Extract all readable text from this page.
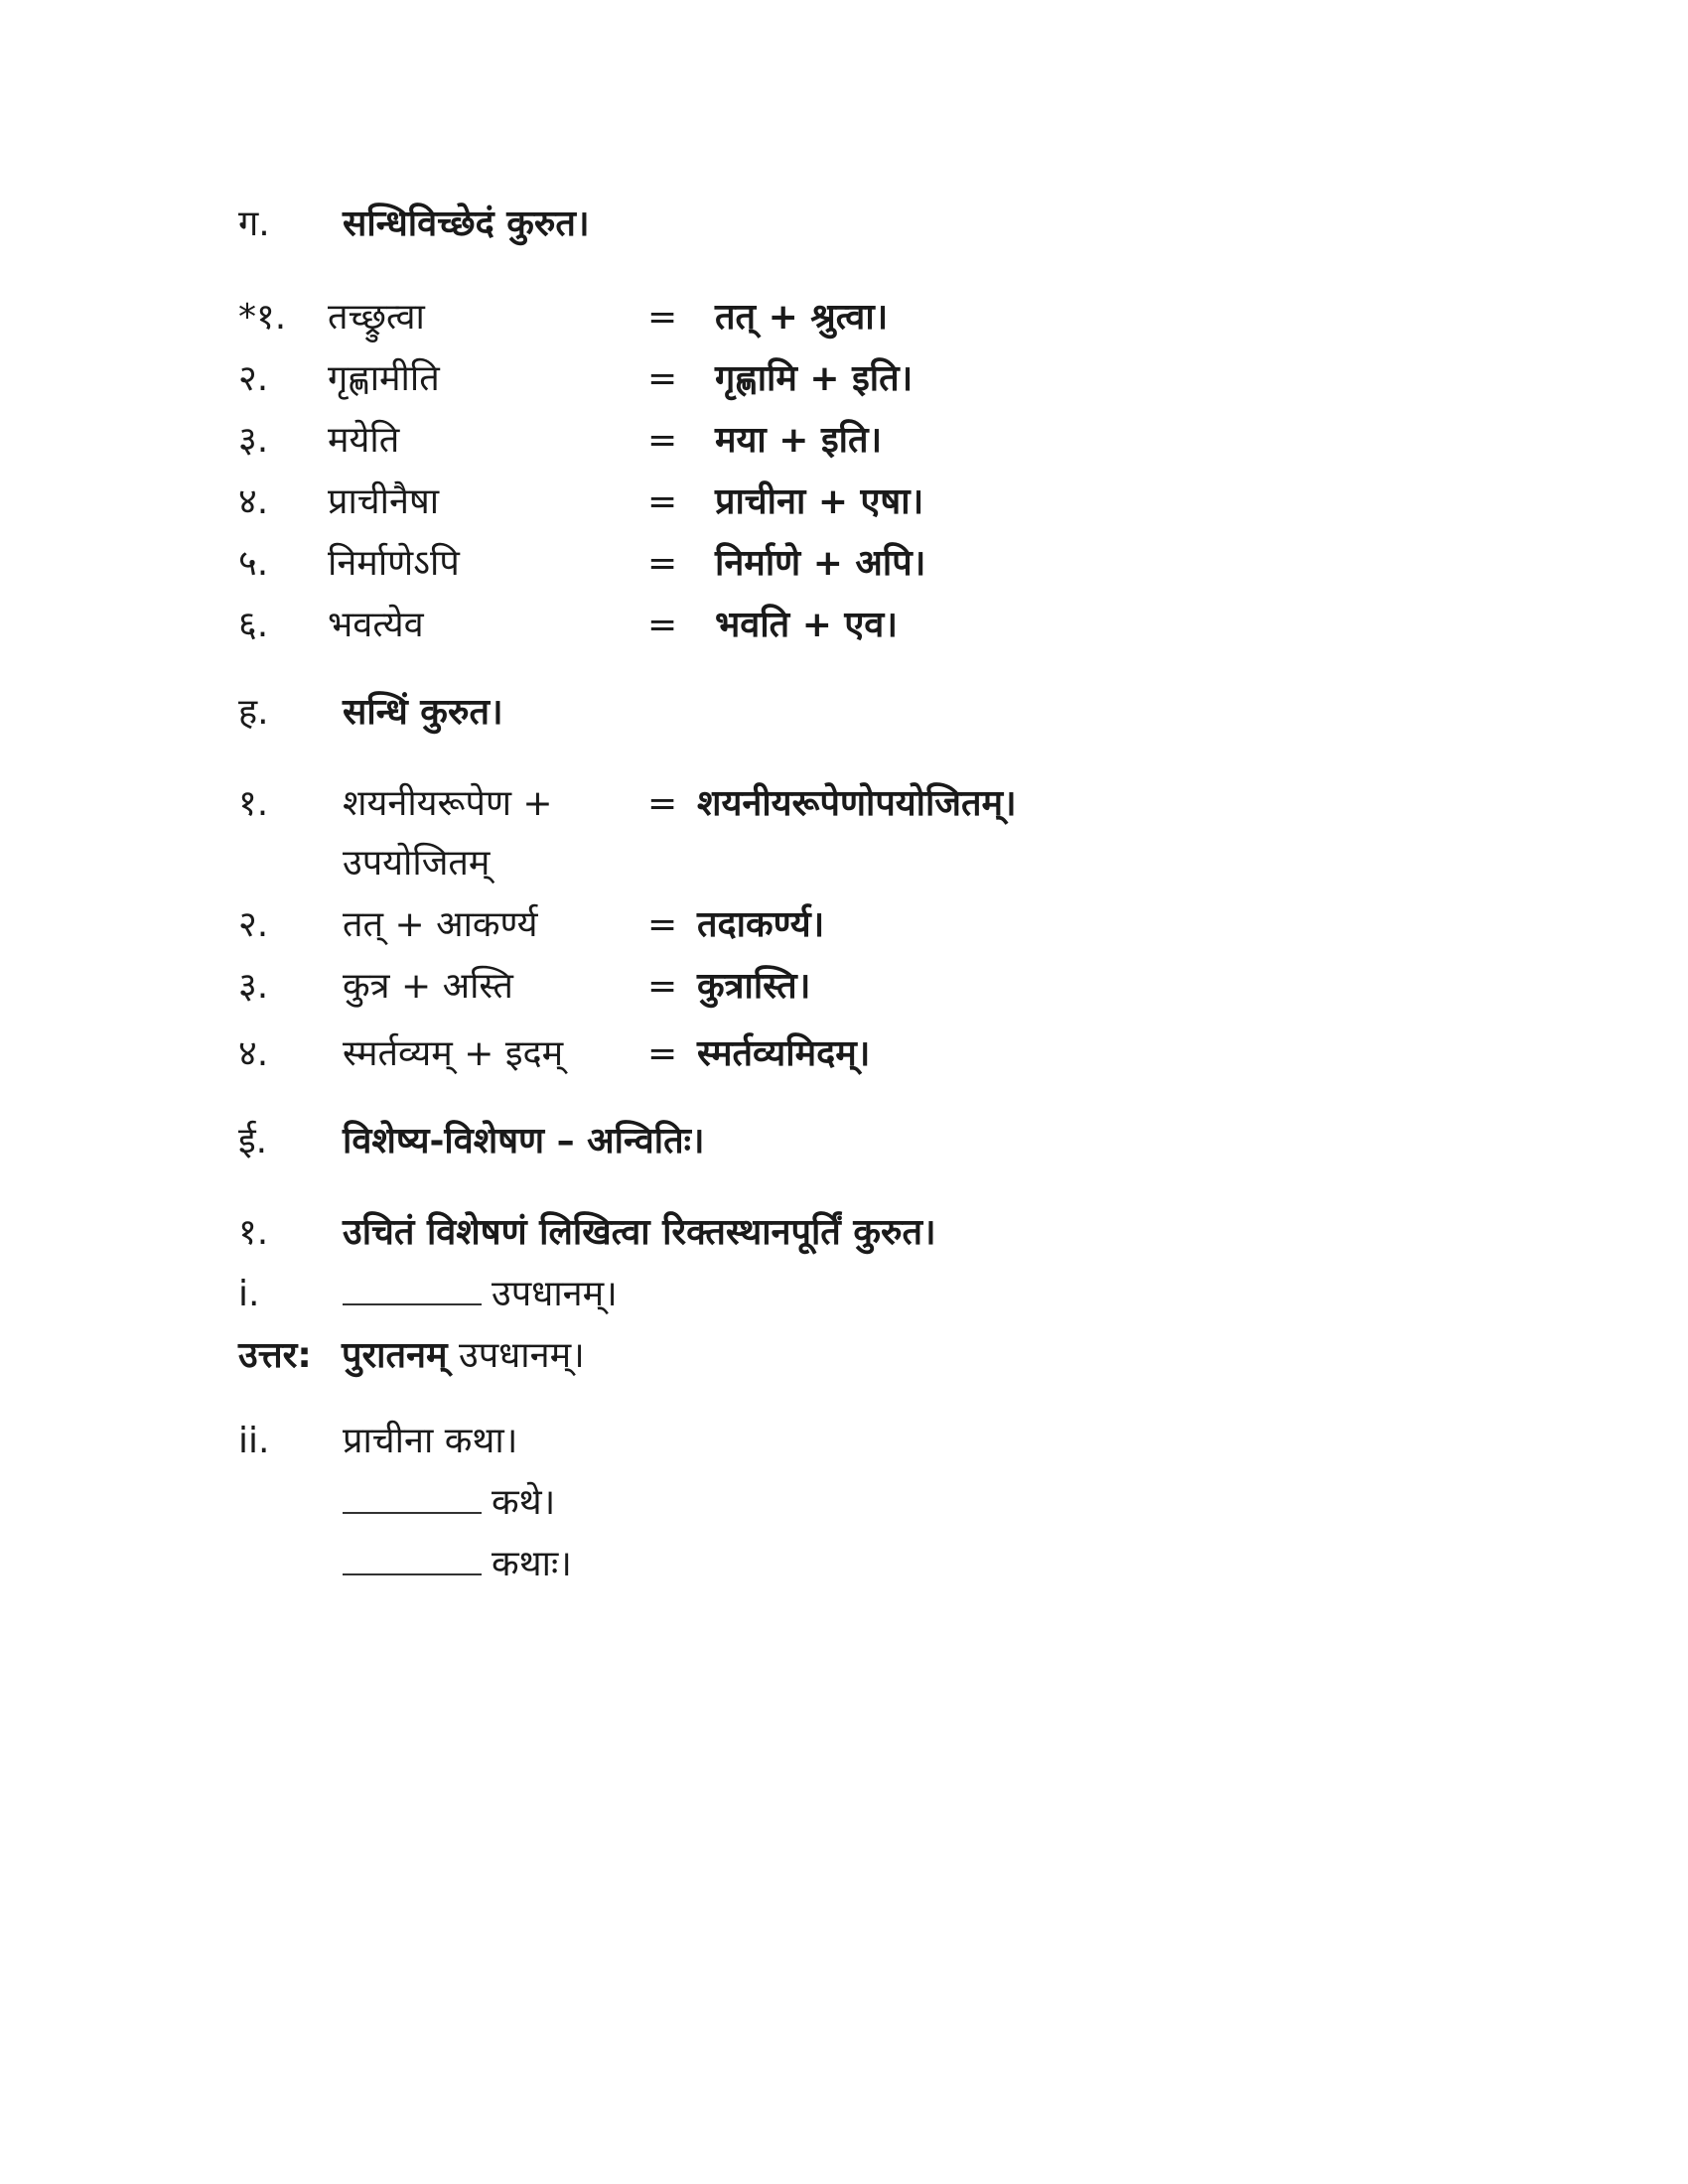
ग. सन्धिविच्छेदं कुरुत।
*१. तच्छ्रुत्वा	= तत् + श्रुत्वा।
२. गृह्णामीति	= गृह्णामि + इति।
३. मयेति	= मया + इति।
४. प्राचीनैषा	= प्राचीना + एषा।
५. निर्माणेऽपि	= निर्माणे + अपि।
६. भवत्येव	= भवति + एव।
ह. सन्धिं कुरुत।
१. शयनीयरूपेण +	= शयनीयरूपेणोपयोजितम्।
उपयोजितम्
२. तत् + आकर्ण्य	= तदाकर्ण्य।
३. कुत्र + अस्ति	= कुत्रास्ति।
४. स्मर्तव्यम् + इदम् = स्मर्तव्यमिदम्।
ई. विशेष्य-विशेषण – अन्वितिः।
१. उचितं विशेषणं लिखित्वा रिक्तस्थानपूर्तिं कुरुत।
i.	उपधानम्।
उत्तर: पुरातनम् उपधानम्।
ii. प्राचीना कथा।
कथे।
कथाः।
